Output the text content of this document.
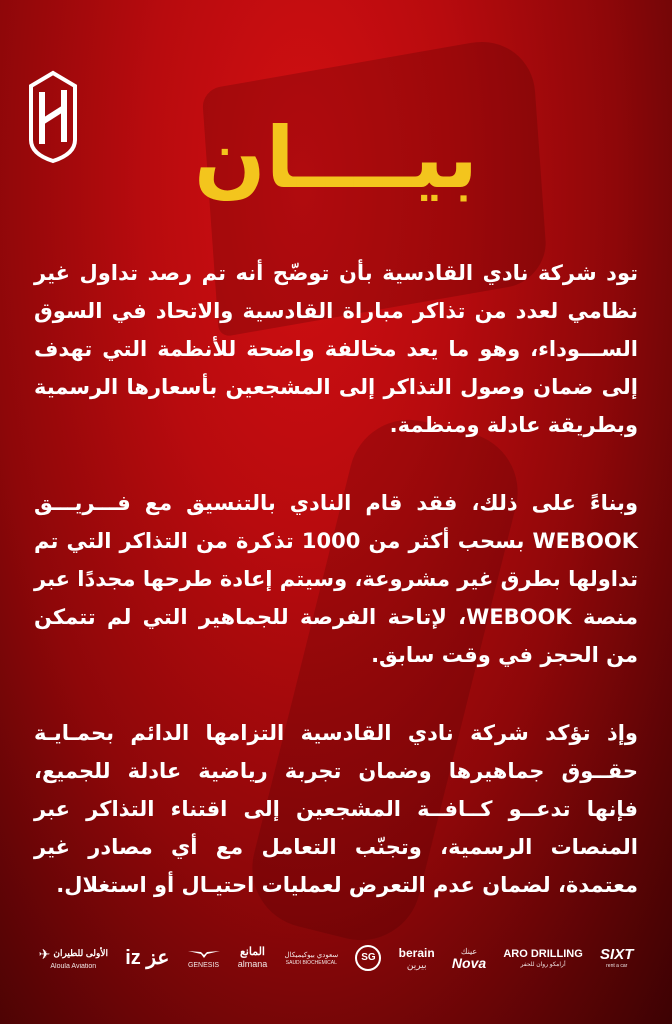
بيــــان

تود شركة نادي القادسية بأن توضّح أنه تم رصد تداول غير نظامي لعدد من تذاكر مباراة القادسية والاتحاد في السوق الســـوداء، وهو ما يعد مخالفة واضحة للأنظمة التي تهدف إلى ضمان وصول التذاكر إلى المشجعين بأسعارها الرسمية وبطريقة عادلة ومنظمة.

وبناءً على ذلك، فقد قام النادي بالتنسيق مع فـــريـــق WEBOOK بسحب أكثر من 1000 تذكرة من التذاكر التي تم تداولها بطرق غير مشروعة، وسيتم إعادة طرحها مجددًا عبر منصة WEBOOK، لإتاحة الفرصة للجماهير التي لم تتمكن من الحجز في وقت سابق.

وإذ تؤكد شركة نادي القادسية التزامها الدائم بحمـايـة حقــوق جماهيرها وضمان تجربة رياضية عادلة للجميع، فإنها تدعــو كــافــة المشجعين إلى اقتناء التذاكر عبر المنصات الرسمية، وتجنّب التعامل مع أي مصادر غير معتمدة، لضمان عدم التعرض لعمليات احتيـال أو استغلال.

✈ الأولى للطيران
Aloula Aviation iz عز	GENESIS
المانع
almana
سعودي بيوكيميكال
SAUDI BIOCHEMICAL	SG	berain
بيرين
عينك
Nova
ARO DRILLING
أرامكو روان للحفر
SIXT
rent a car
